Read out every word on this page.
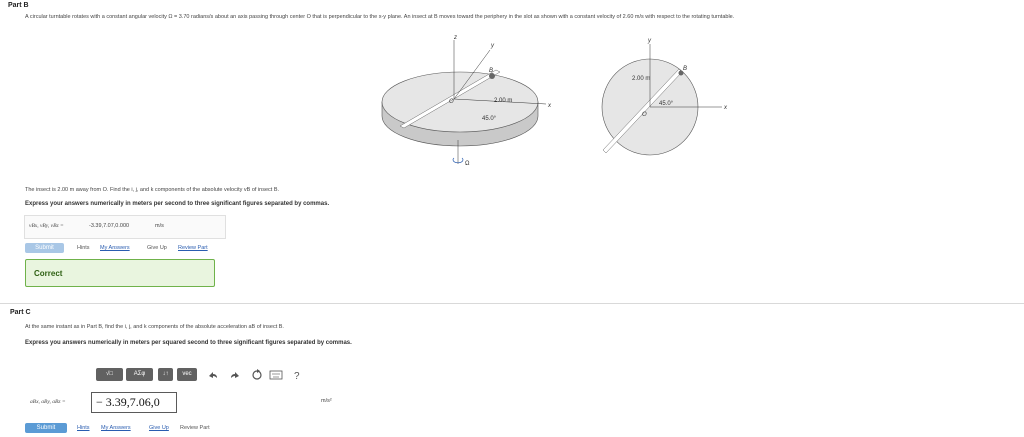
Part B
A circular turntable rotates with a constant angular velocity Ω = 3.70 radians/s about an axis passing through center O that is perpendicular to the x-y plane. An insect at B moves toward the periphery in the slot as shown with a constant velocity of 2.60 m/s with respect to the rotating turntable.
z
y
x
O
B
2.00 m
45.0°
Ω
y
x
O
B
2.00 m
45.0°
The insect is 2.00 m away from O. Find the i, j, and k components of the absolute velocity vB of insect B.
Express your answers numerically in meters per second to three significant figures separated by commas.
vBx, vBy, vBz =	-3.39,7.07,0.000	m/s
Submit	Hints My Answers	Give Up Review Part
Correct
Part C
At the same instant as in Part B, find the i, j, and k components of the absolute acceleration aB of insect B.
Express you answers numerically in meters per squared second to three significant figures separated by commas.
√□	ΑΣφ	↓↑	vec	?
aBx, aBy, aBz =	− 3.39,7.06,0	m/s²
Submit	Hints My Answers	Give Up Review Part
